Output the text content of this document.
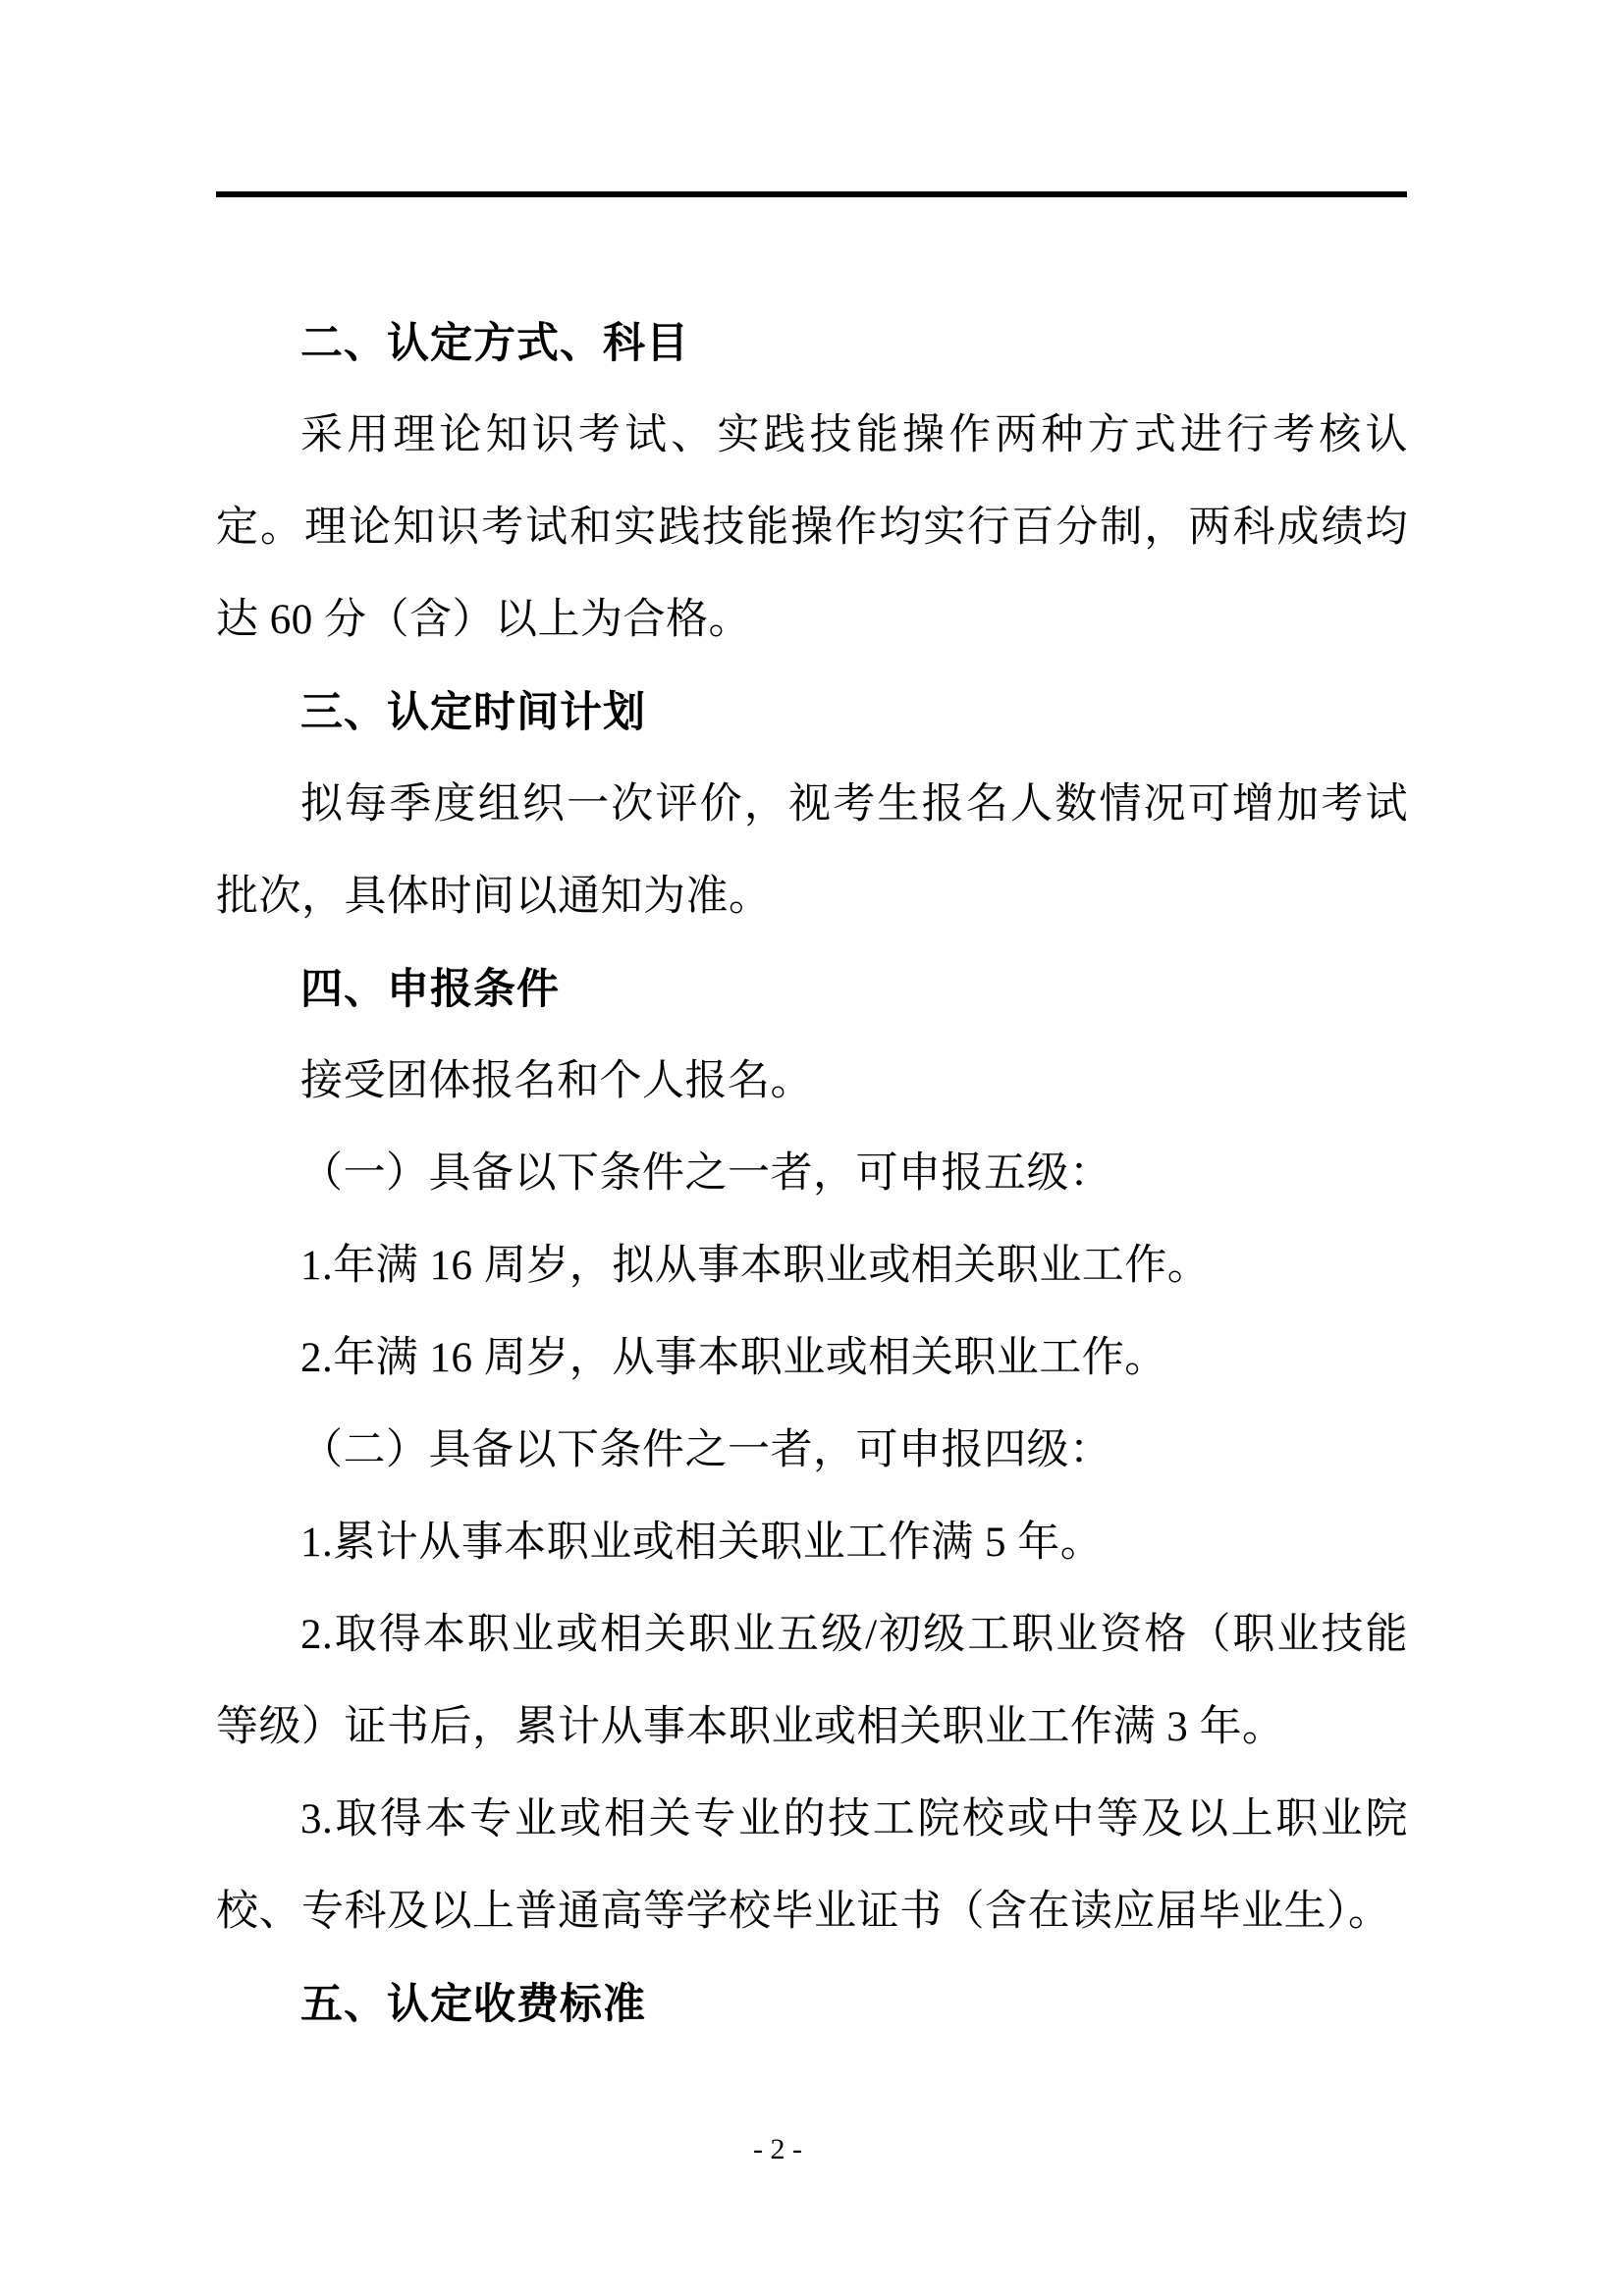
二、认定方式、科目

采用理论知识考试、实践技能操作两种方式进行考核认定。理论知识考试和实践技能操作均实行百分制，两科成绩均达 60 分（含）以上为合格。

三、认定时间计划

拟每季度组织一次评价，视考生报名人数情况可增加考试批次，具体时间以通知为准。

四、申报条件

接受团体报名和个人报名。

（一）具备以下条件之一者，可申报五级：

1.年满 16 周岁，拟从事本职业或相关职业工作。

2.年满 16 周岁，从事本职业或相关职业工作。

（二）具备以下条件之一者，可申报四级：

1.累计从事本职业或相关职业工作满 5 年。

2.取得本职业或相关职业五级/初级工职业资格（职业技能等级）证书后，累计从事本职业或相关职业工作满 3 年。

3.取得本专业或相关专业的技工院校或中等及以上职业院校、专科及以上普通高等学校毕业证书（含在读应届毕业生）。

五、认定收费标准

- 2 -
